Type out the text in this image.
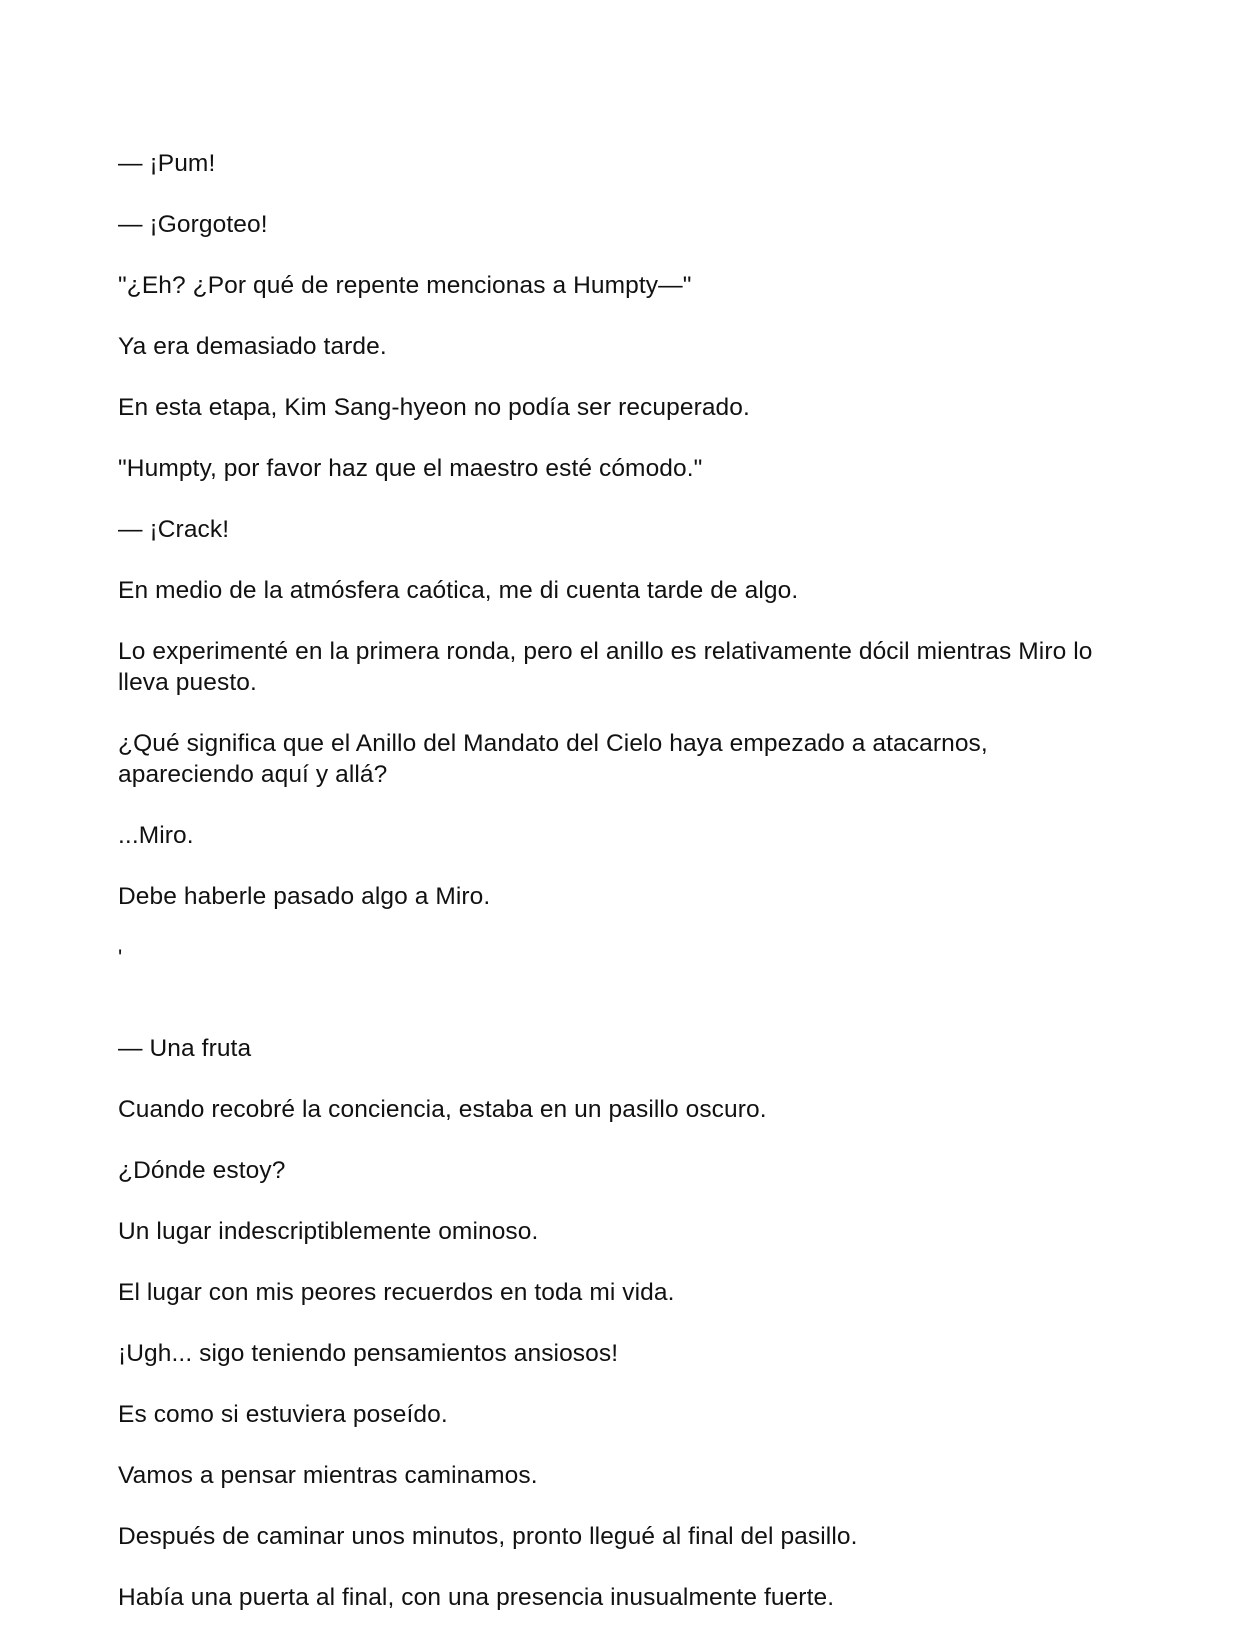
— ¡Pum!

— ¡Gorgoteo!

"¿Eh? ¿Por qué de repente mencionas a Humpty—"

Ya era demasiado tarde.

En esta etapa, Kim Sang-hyeon no podía ser recuperado.

"Humpty, por favor haz que el maestro esté cómodo."

— ¡Crack!

En medio de la atmósfera caótica, me di cuenta tarde de algo.

Lo experimenté en la primera ronda, pero el anillo es relativamente dócil mientras Miro lo lleva puesto.

¿Qué significa que el Anillo del Mandato del Cielo haya empezado a atacarnos, apareciendo aquí y allá?

...Miro.

Debe haberle pasado algo a Miro.

'

— Una fruta

Cuando recobré la conciencia, estaba en un pasillo oscuro.

¿Dónde estoy?

Un lugar indescriptiblemente ominoso.

El lugar con mis peores recuerdos en toda mi vida.

¡Ugh... sigo teniendo pensamientos ansiosos!

Es como si estuviera poseído.

Vamos a pensar mientras caminamos.

Después de caminar unos minutos, pronto llegué al final del pasillo.

Había una puerta al final, con una presencia inusualmente fuerte.
